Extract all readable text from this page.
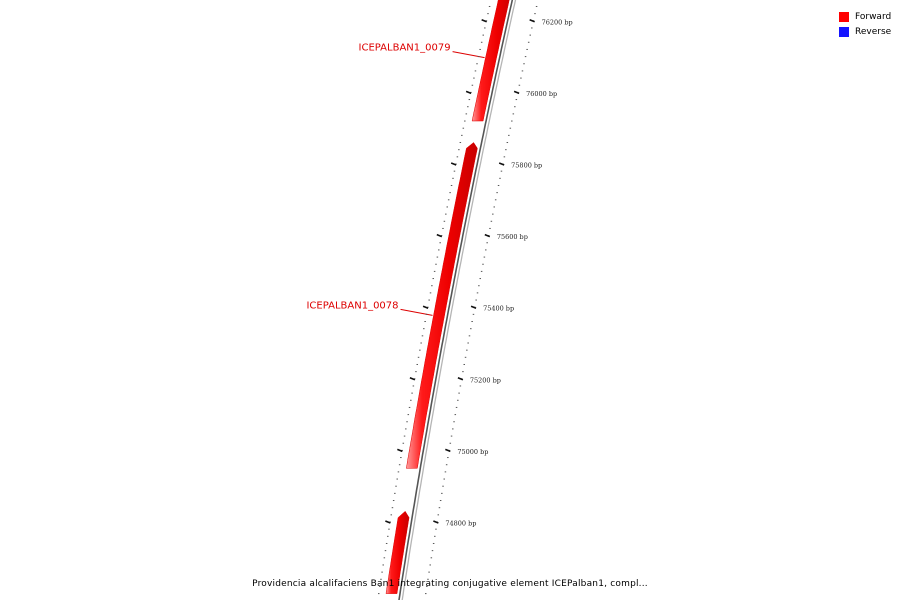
ICEPALBAN1_0079
ICEPALBAN1_0078
74800 bp
75000 bp
75200 bp
75400 bp
75600 bp
75800 bp
76000 bp
76200 bp
Forward
Reverse
Providencia alcalifaciens Ban1 integrating conjugative element ICEPalban1, compl...
